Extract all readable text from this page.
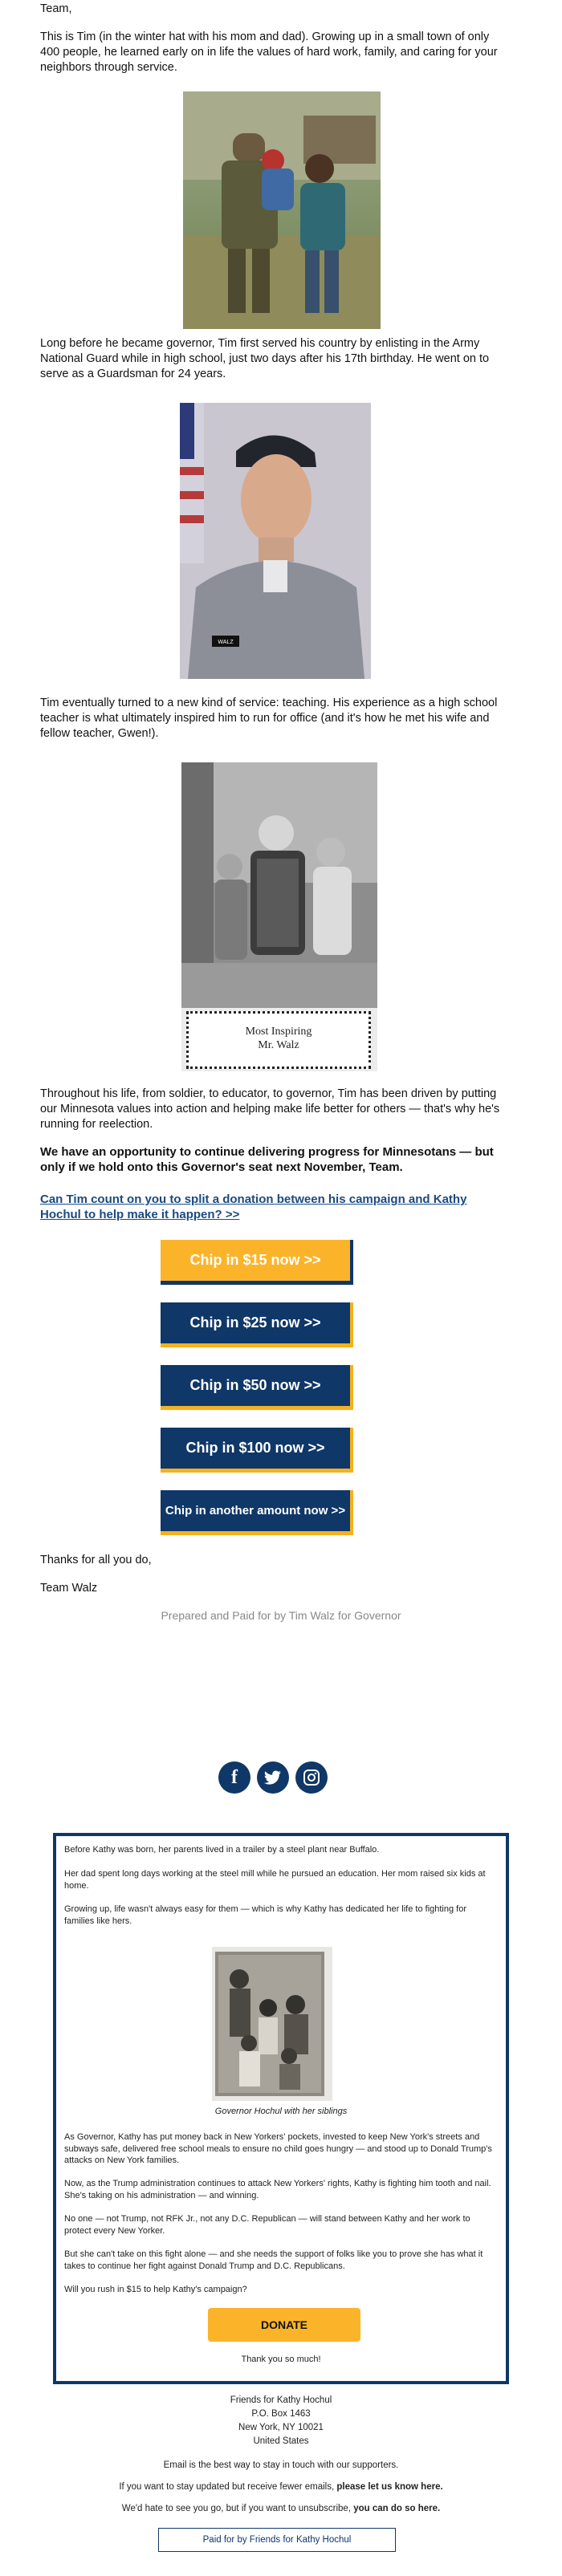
Team,

This is Tim (in the winter hat with his mom and dad). Growing up in a small town of only 400 people, he learned early on in life the values of hard work, family, and caring for your neighbors through service.

Long before he became governor, Tim first served his country by enlisting in the Army National Guard while in high school, just two days after his 17th birthday. He went on to serve as a Guardsman for 24 years.

WALZ

Tim eventually turned to a new kind of service: teaching. His experience as a high school teacher is what ultimately inspired him to run for office (and it's how he met his wife and fellow teacher, Gwen!).

Most Inspiring
Mr. Walz

Throughout his life, from soldier, to educator, to governor, Tim has been driven by putting our Minnesota values into action and helping make life better for others — that's why he's running for reelection.

We have an opportunity to continue delivering progress for Minnesotans — but only if we hold onto this Governor's seat next November, Team.

Can Tim count on you to split a donation between his campaign and Kathy Hochul to help make it happen? >>

Chip in $15 now >>
Chip in $25 now >>
Chip in $50 now >>
Chip in $100 now >>
Chip in another amount now >>

Thanks for all you do,

Team Walz

Prepared and Paid for by Tim Walz for Governor
f

Before Kathy was born, her parents lived in a trailer by a steel plant near Buffalo.

Her dad spent long days working at the steel mill while he pursued an education. Her mom raised six kids at home.

Growing up, life wasn't always easy for them — which is why Kathy has dedicated her life to fighting for families like hers.

Governor Hochul with her siblings

As Governor, Kathy has put money back in New Yorkers' pockets, invested to keep New York's streets and subways safe, delivered free school meals to ensure no child goes hungry — and stood up to Donald Trump's attacks on New York families.

Now, as the Trump administration continues to attack New Yorkers' rights, Kathy is fighting him tooth and nail. She's taking on his administration — and winning.

No one — not Trump, not RFK Jr., not any D.C. Republican — will stand between Kathy and her work to protect every New Yorker.

But she can't take on this fight alone — and she needs the support of folks like you to prove she has what it takes to continue her fight against Donald Trump and D.C. Republicans.

Will you rush in $15 to help Kathy's campaign?

DONATE

Thank you so much!

Friends for Kathy Hochul

P.O. Box 1463

New York, NY 10021

United States

Email is the best way to stay in touch with our supporters.

If you want to stay updated but receive fewer emails, please let us know here.

We'd hate to see you go, but if you want to unsubscribe, you can do so here.

Paid for by Friends for Kathy Hochul
